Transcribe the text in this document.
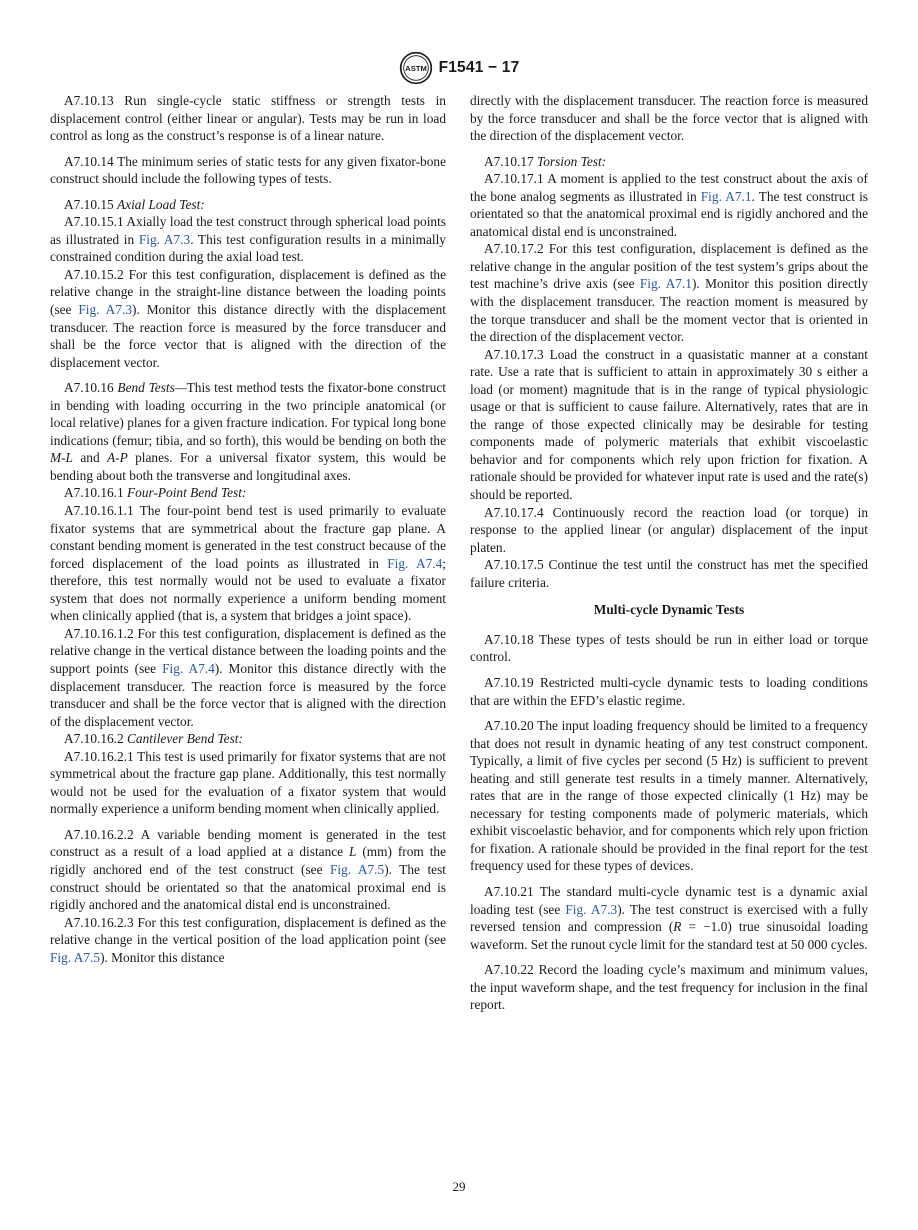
ASTM F1541 − 17

A7.10.13 Run single-cycle static stiffness or strength tests in displacement control (either linear or angular). Tests may be run in load control as long as the construct’s response is of a linear nature.

A7.10.14 The minimum series of static tests for any given fixator-bone construct should include the following types of tests.

A7.10.15 Axial Load Test:

A7.10.15.1 Axially load the test construct through spherical load points as illustrated in Fig. A7.3. This test configuration results in a minimally constrained condition during the axial load test.

A7.10.15.2 For this test configuration, displacement is defined as the relative change in the straight-line distance between the loading points (see Fig. A7.3). Monitor this distance directly with the displacement transducer. The reaction force is measured by the force transducer and shall be the force vector that is aligned with the direction of the displacement vector.

A7.10.16 Bend Tests—This test method tests the fixator-bone construct in bending with loading occurring in the two principle anatomical (or local relative) planes for a given fracture indication. For typical long bone indications (femur; tibia, and so forth), this would be bending on both the M-L and A-P planes. For a universal fixator system, this would be bending about both the transverse and longitudinal axes.

A7.10.16.1 Four-Point Bend Test:

A7.10.16.1.1 The four-point bend test is used primarily to evaluate fixator systems that are symmetrical about the fracture gap plane. A constant bending moment is generated in the test construct because of the forced displacement of the load points as illustrated in Fig. A7.4; therefore, this test normally would not be used to evaluate a fixator system that does not normally experience a uniform bending moment when clinically applied (that is, a system that bridges a joint space).

A7.10.16.1.2 For this test configuration, displacement is defined as the relative change in the vertical distance between the loading points and the support points (see Fig. A7.4). Monitor this distance directly with the displacement transducer. The reaction force is measured by the force transducer and shall be the force vector that is aligned with the direction of the displacement vector.

A7.10.16.2 Cantilever Bend Test:

A7.10.16.2.1 This test is used primarily for fixator systems that are not symmetrical about the fracture gap plane. Additionally, this test normally would not be used for the evaluation of a fixator system that would normally experience a uniform bending moment when clinically applied.

A7.10.16.2.2 A variable bending moment is generated in the test construct as a result of a load applied at a distance L (mm) from the rigidly anchored end of the test construct (see Fig. A7.5). The test construct should be orientated so that the anatomical proximal end is rigidly anchored and the anatomical distal end is unconstrained.

A7.10.16.2.3 For this test configuration, displacement is defined as the relative change in the vertical position of the load application point (see Fig. A7.5). Monitor this distance

directly with the displacement transducer. The reaction force is measured by the force transducer and shall be the force vector that is aligned with the direction of the displacement vector.

A7.10.17 Torsion Test:

A7.10.17.1 A moment is applied to the test construct about the axis of the bone analog segments as illustrated in Fig. A7.1. The test construct is orientated so that the anatomical proximal end is rigidly anchored and the anatomical distal end is unconstrained.

A7.10.17.2 For this test configuration, displacement is defined as the relative change in the angular position of the test system’s grips about the test machine’s drive axis (see Fig. A7.1). Monitor this position directly with the displacement transducer. The reaction moment is measured by the torque transducer and shall be the moment vector that is oriented in the direction of the displacement vector.

A7.10.17.3 Load the construct in a quasistatic manner at a constant rate. Use a rate that is sufficient to attain in approximately 30 s either a load (or moment) magnitude that is in the range of typical physiologic usage or that is sufficient to cause failure. Alternatively, rates that are in the range of those expected clinically may be desirable for testing components made of polymeric materials that exhibit viscoelastic behavior and for components which rely upon friction for fixation. A rationale should be provided for whatever input rate is used and the rate(s) should be reported.

A7.10.17.4 Continuously record the reaction load (or torque) in response to the applied linear (or angular) displacement of the input platen.

A7.10.17.5 Continue the test until the construct has met the specified failure criteria.

Multi-cycle Dynamic Tests

A7.10.18 These types of tests should be run in either load or torque control.

A7.10.19 Restricted multi-cycle dynamic tests to loading conditions that are within the EFD’s elastic regime.

A7.10.20 The input loading frequency should be limited to a frequency that does not result in dynamic heating of any test construct component. Typically, a limit of five cycles per second (5 Hz) is sufficient to prevent heating and still generate test results in a timely manner. Alternatively, rates that are in the range of those expected clinically (1 Hz) may be necessary for testing components made of polymeric materials, which exhibit viscoelastic behavior, and for components which rely upon friction for fixation. A rationale should be provided in the final report for the test frequency used for these types of devices.

A7.10.21 The standard multi-cycle dynamic test is a dynamic axial loading test (see Fig. A7.3). The test construct is exercised with a fully reversed tension and compression (R = −1.0) true sinusoidal loading waveform. Set the runout cycle limit for the standard test at 50 000 cycles.

A7.10.22 Record the loading cycle’s maximum and minimum values, the input waveform shape, and the test frequency for inclusion in the final report.

29
